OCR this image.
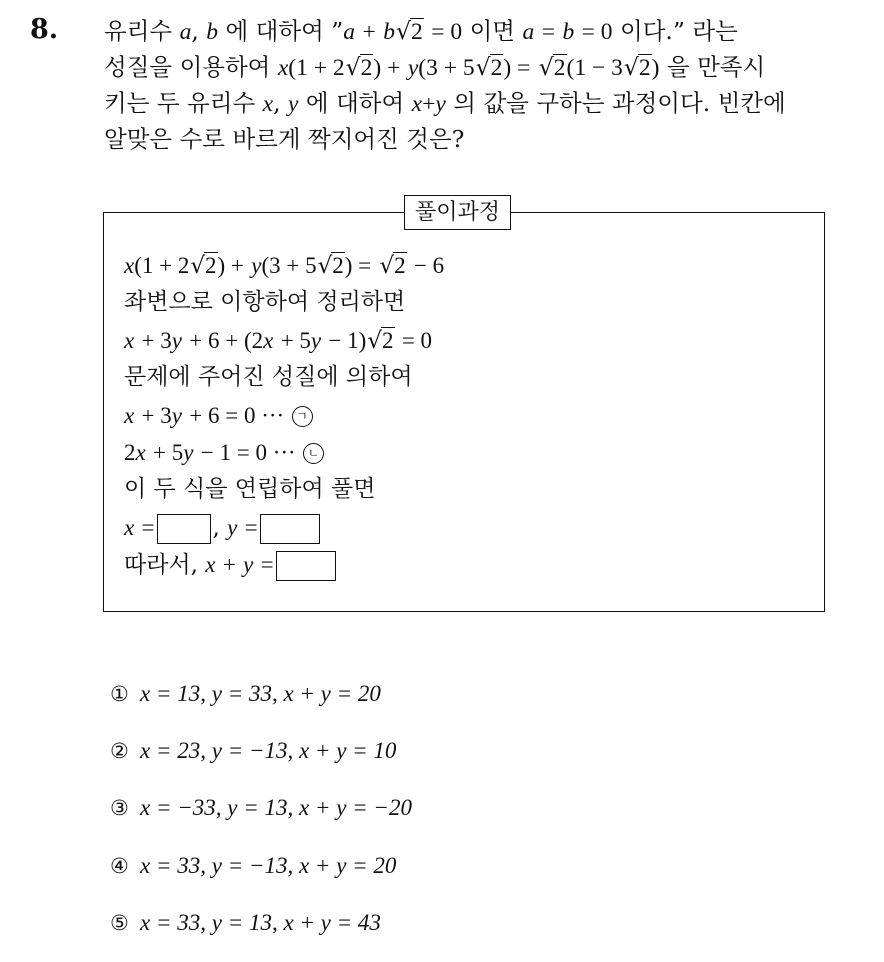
8. 유리수 a, b 에 대하여 ”a + b√2 = 0 이면 a = b = 0 이다.” 라는
성질을 이용하여 x(1 + 2√2) + y(3 + 5√2) = √2(1 − 3√2) 을 만족시
키는 두 유리수 x, y 에 대하여 x+y 의 값을 구하는 과정이다. 빈칸에
알맞은 수로 바르게 짝지어진 것은?
풀이과정
x(1 + 2√2) + y(3 + 5√2) = √2 − 6
좌변으로 이항하여 정리하면
x + 3y + 6 + (2x + 5y − 1)√2 = 0
문제에 주어진 성질에 의하여
x + 3y + 6 = 0 ··· ㄱ
2x + 5y − 1 = 0 ··· ㄴ
이 두 식을 연립하여 풀면
x =	, y =
따라서, x + y =
① x = 13, y = 33, x + y = 20
② x = 23, y = −13, x + y = 10
③ x = −33, y = 13, x + y = −20
④ x = 33, y = −13, x + y = 20
⑤ x = 33, y = 13, x + y = 43
